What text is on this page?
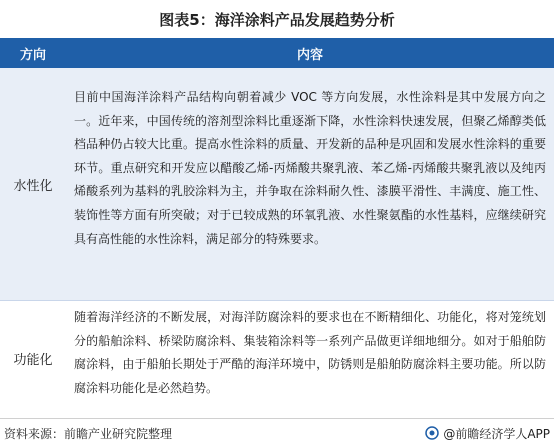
图表5：海洋涂料产品发展趋势分析
方向	内容
水性化
目前中国海洋涂料产品结构向朝着减少 VOC 等方向发展，水性涂料是其中发展方向之一。近年来，中国传统的溶剂型涂料比重逐渐下降，水性涂料快速发展，但聚乙烯醇类低档品种仍占较大比重。提高水性涂料的质量、开发新的品种是巩固和发展水性涂料的重要环节。重点研究和开发应以醋酸乙烯-丙烯酸共聚乳液、苯乙烯-丙烯酸共聚乳液以及纯丙烯酸系列为基料的乳胶涂料为主，并争取在涂料耐久性、漆膜平滑性、丰满度、施工性、装饰性等方面有所突破；对于已较成熟的环氧乳液、水性聚氨酯的水性基料，应继续研究具有高性能的水性涂料，满足部分的特殊要求。
功能化
随着海洋经济的不断发展，对海洋防腐涂料的要求也在不断精细化、功能化，将对笼统划分的船舶涂料、桥梁防腐涂料、集装箱涂料等一系列产品做更详细地细分。如对于船舶防腐涂料，由于船舶长期处于严酷的海洋环境中，防锈则是船舶防腐涂料主要功能。所以防腐涂料功能化是必然趋势。
资料来源：前瞻产业研究院整理	@前瞻经济学人APP
